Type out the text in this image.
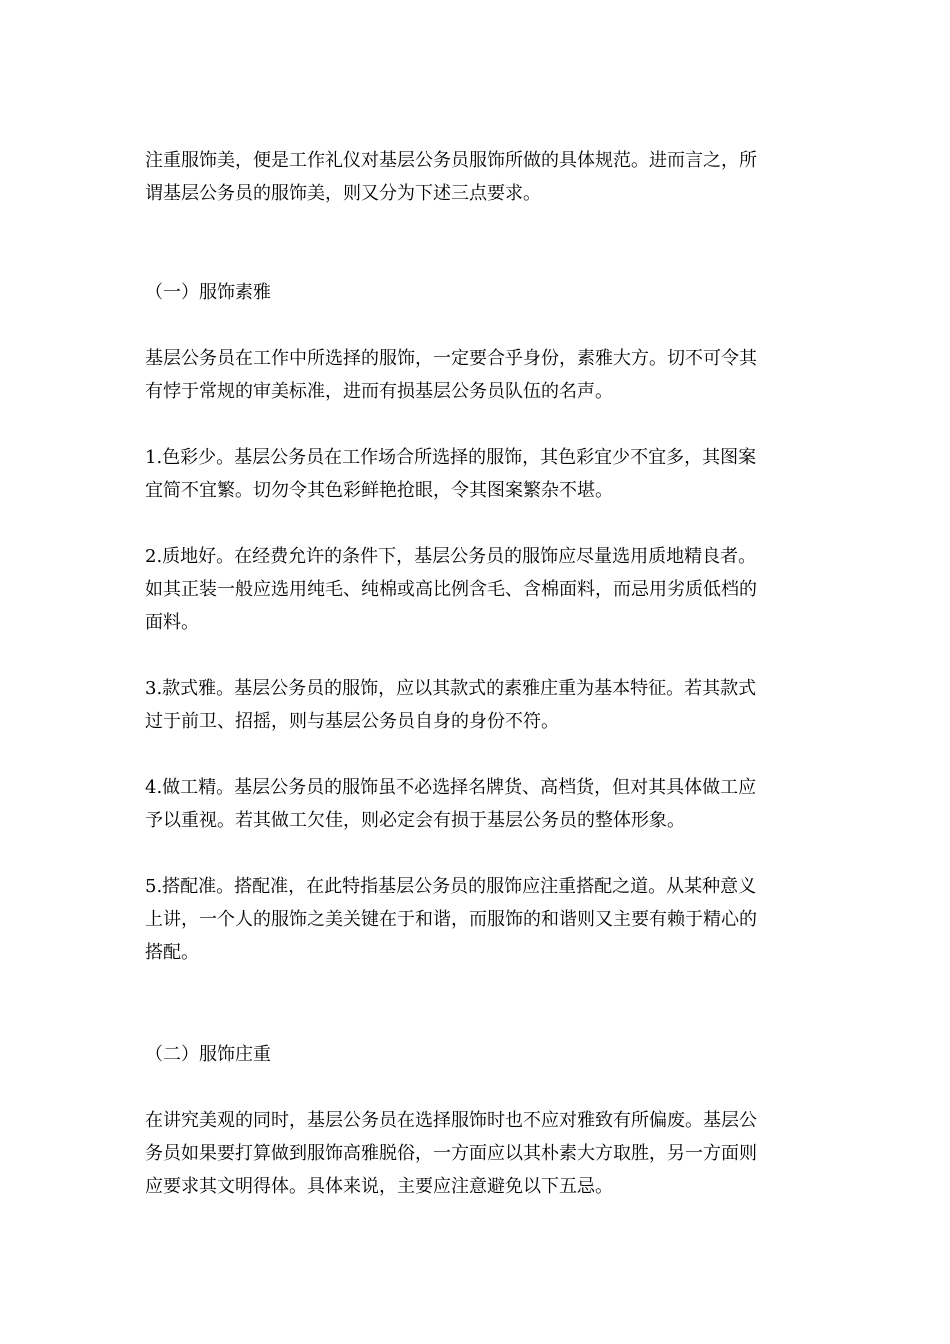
注重服饰美，便是工作礼仪对基层公务员服饰所做的具体规范。进而言之，所
谓基层公务员的服饰美，则又分为下述三点要求。

（一）服饰素雅

基层公务员在工作中所选择的服饰，一定要合乎身份，素雅大方。切不可令其
有悖于常规的审美标准，进而有损基层公务员队伍的名声。

1.色彩少。基层公务员在工作场合所选择的服饰，其色彩宜少不宜多，其图案
宜简不宜繁。切勿令其色彩鲜艳抢眼，令其图案繁杂不堪。

2.质地好。在经费允许的条件下，基层公务员的服饰应尽量选用质地精良者。
如其正装一般应选用纯毛、纯棉或高比例含毛、含棉面料，而忌用劣质低档的
面料。

3.款式雅。基层公务员的服饰，应以其款式的素雅庄重为基本特征。若其款式
过于前卫、招摇，则与基层公务员自身的身份不符。

4.做工精。基层公务员的服饰虽不必选择名牌货、高档货，但对其具体做工应
予以重视。若其做工欠佳，则必定会有损于基层公务员的整体形象。

5.搭配准。搭配准，在此特指基层公务员的服饰应注重搭配之道。从某种意义
上讲，一个人的服饰之美关键在于和谐，而服饰的和谐则又主要有赖于精心的
搭配。

（二）服饰庄重

在讲究美观的同时，基层公务员在选择服饰时也不应对雅致有所偏废。基层公
务员如果要打算做到服饰高雅脱俗，一方面应以其朴素大方取胜，另一方面则
应要求其文明得体。具体来说，主要应注意避免以下五忌。
